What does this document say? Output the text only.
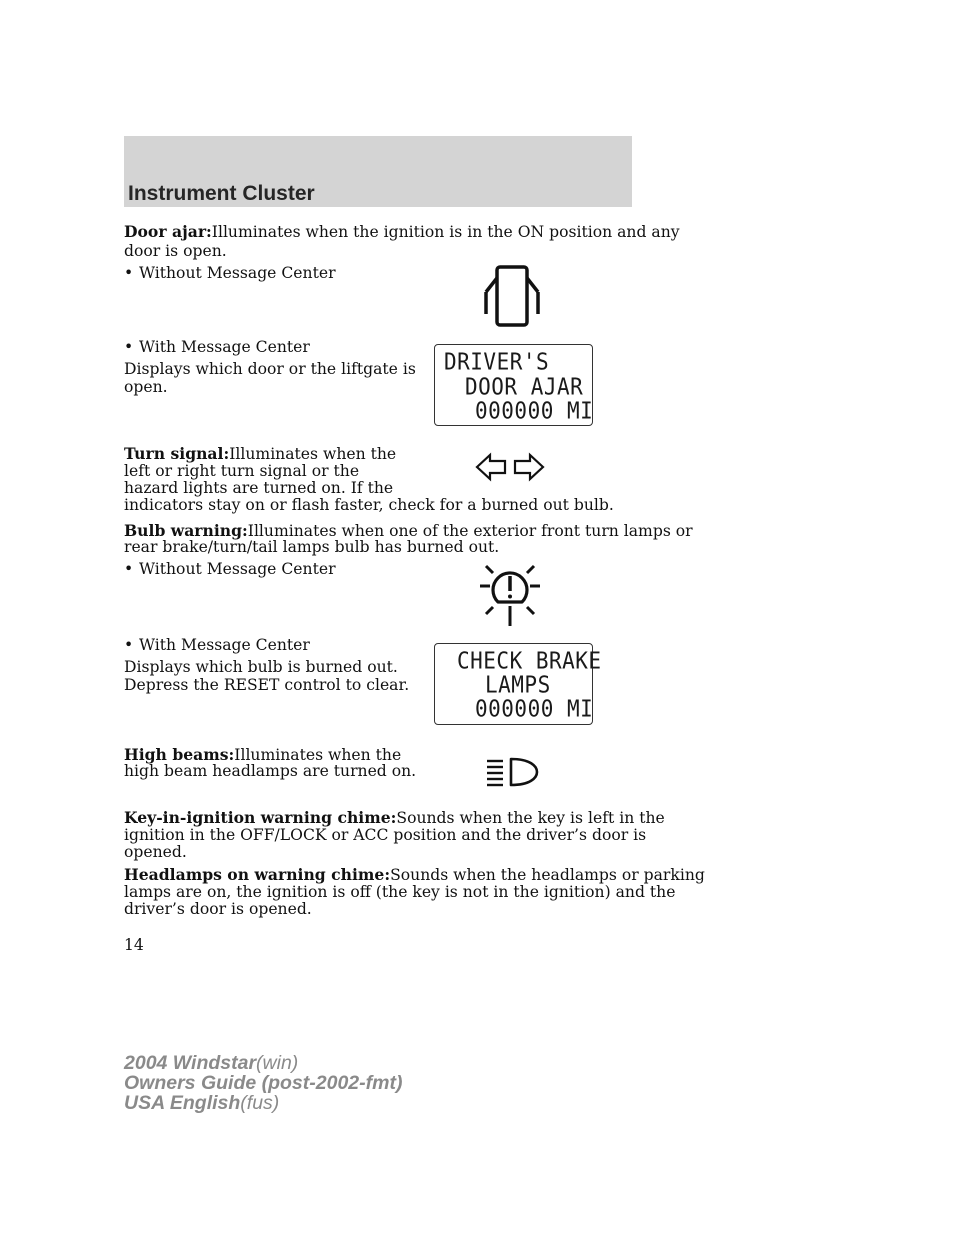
Instrument Cluster
Door ajar:Illuminates when the ignition is in the ON position and any
door is open.
• Without Message Center
• With Message Center
Displays which door or the liftgate is
open.
DRIVER'S
DOOR AJAR
000000 MI
Turn signal:Illuminates when the
left or right turn signal or the
hazard lights are turned on. If the
indicators stay on or flash faster, check for a burned out bulb.
Bulb warning:Illuminates when one of the exterior front turn lamps or
rear brake/turn/tail lamps bulb has burned out.
• Without Message Center
• With Message Center
Displays which bulb is burned out.
Depress the RESET control to clear.
CHECK BRAKE
LAMPS
000000 MI
High beams:Illuminates when the
high beam headlamps are turned on.
Key-in-ignition warning chime:Sounds when the key is left in the
ignition in the OFF/LOCK or ACC position and the driver’s door is
opened.
Headlamps on warning chime:Sounds when the headlamps or parking
lamps are on, the ignition is off (the key is not in the ignition) and the
driver’s door is opened.
14
2004 Windstar(win)
Owners Guide (post-2002-fmt)
USA English(fus)
